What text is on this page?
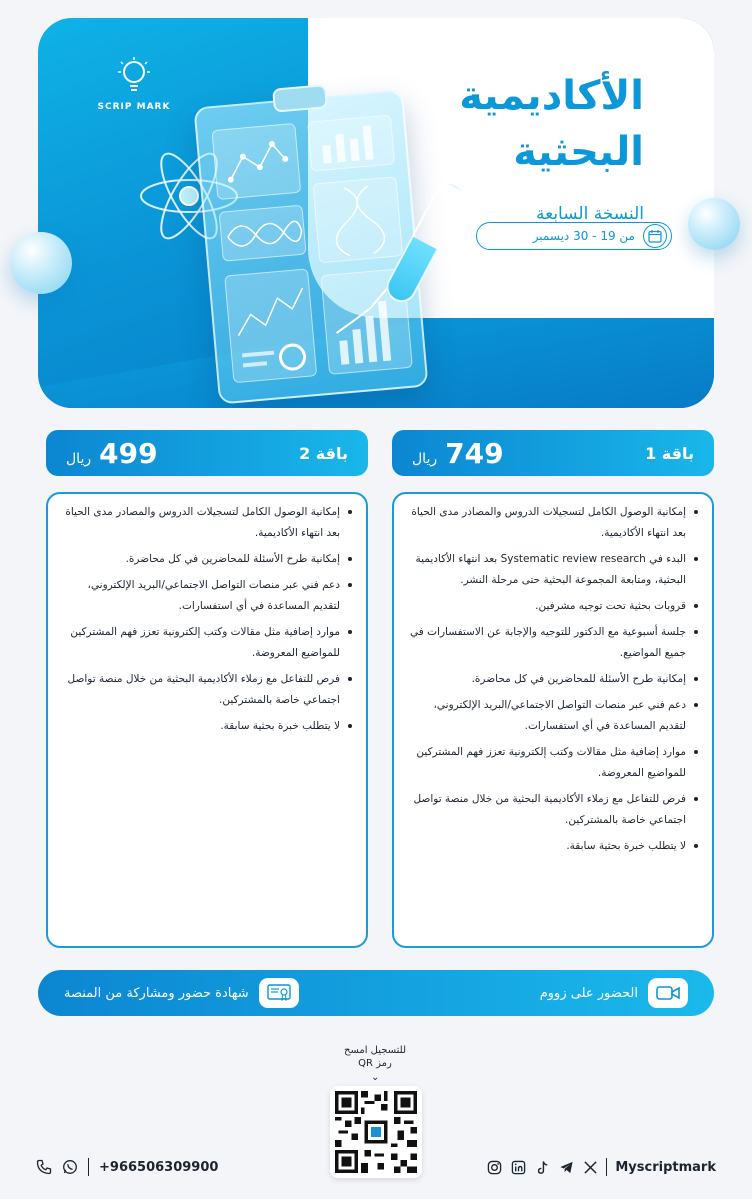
SCRIP MARK	الأكاديمية
البحثية
النسخة السابعة
من 19 - 30 ديسمبر
باقة 1
749
ريال
باقة 2
499
ريال
إمكانية الوصول الكامل لتسجيلات الدروس والمصادر مدى الحياة بعد انتهاء الأكاديمية.
البدء في Systematic review research بعد انتهاء الأكاديمية البحثية، ومتابعة المجموعة البحثية حتى مرحلة النشر.
قروبات بحثية تحت توجيه مشرفين.
جلسة أسبوعية مع الدكتور للتوجيه والإجابة عن الاستفسارات في جميع المواضيع.
إمكانية طرح الأسئلة للمحاضرين في كل محاضرة.
دعم فني عبر منصات التواصل الاجتماعي/البريد الإلكتروني، لتقديم المساعدة في أي استفسارات.
موارد إضافية مثل مقالات وكتب إلكترونية تعزز فهم المشتركين للمواضيع المعروضة.
فرص للتفاعل مع زملاء الأكاديمية البحثية من خلال منصة تواصل اجتماعي خاصة بالمشتركين.
لا يتطلب خبرة بحثية سابقة.
إمكانية الوصول الكامل لتسجيلات الدروس والمصادر مدى الحياة بعد انتهاء الأكاديمية.
إمكانية طرح الأسئلة للمحاضرين في كل محاضرة.
دعم فني عبر منصات التواصل الاجتماعي/البريد الإلكتروني، لتقديم المساعدة في أي استفسارات.
موارد إضافية مثل مقالات وكتب إلكترونية تعزز فهم المشتركين للمواضيع المعروضة.
فرص للتفاعل مع زملاء الأكاديمية البحثية من خلال منصة تواصل اجتماعي خاصة بالمشتركين.
لا يتطلب خبرة بحثية سابقة.
الحضور على زووم
شهادة حضور ومشاركة من المنصة
للتسجيل امسح
رمز QR
⌄
+966506309900	Myscriptmark
